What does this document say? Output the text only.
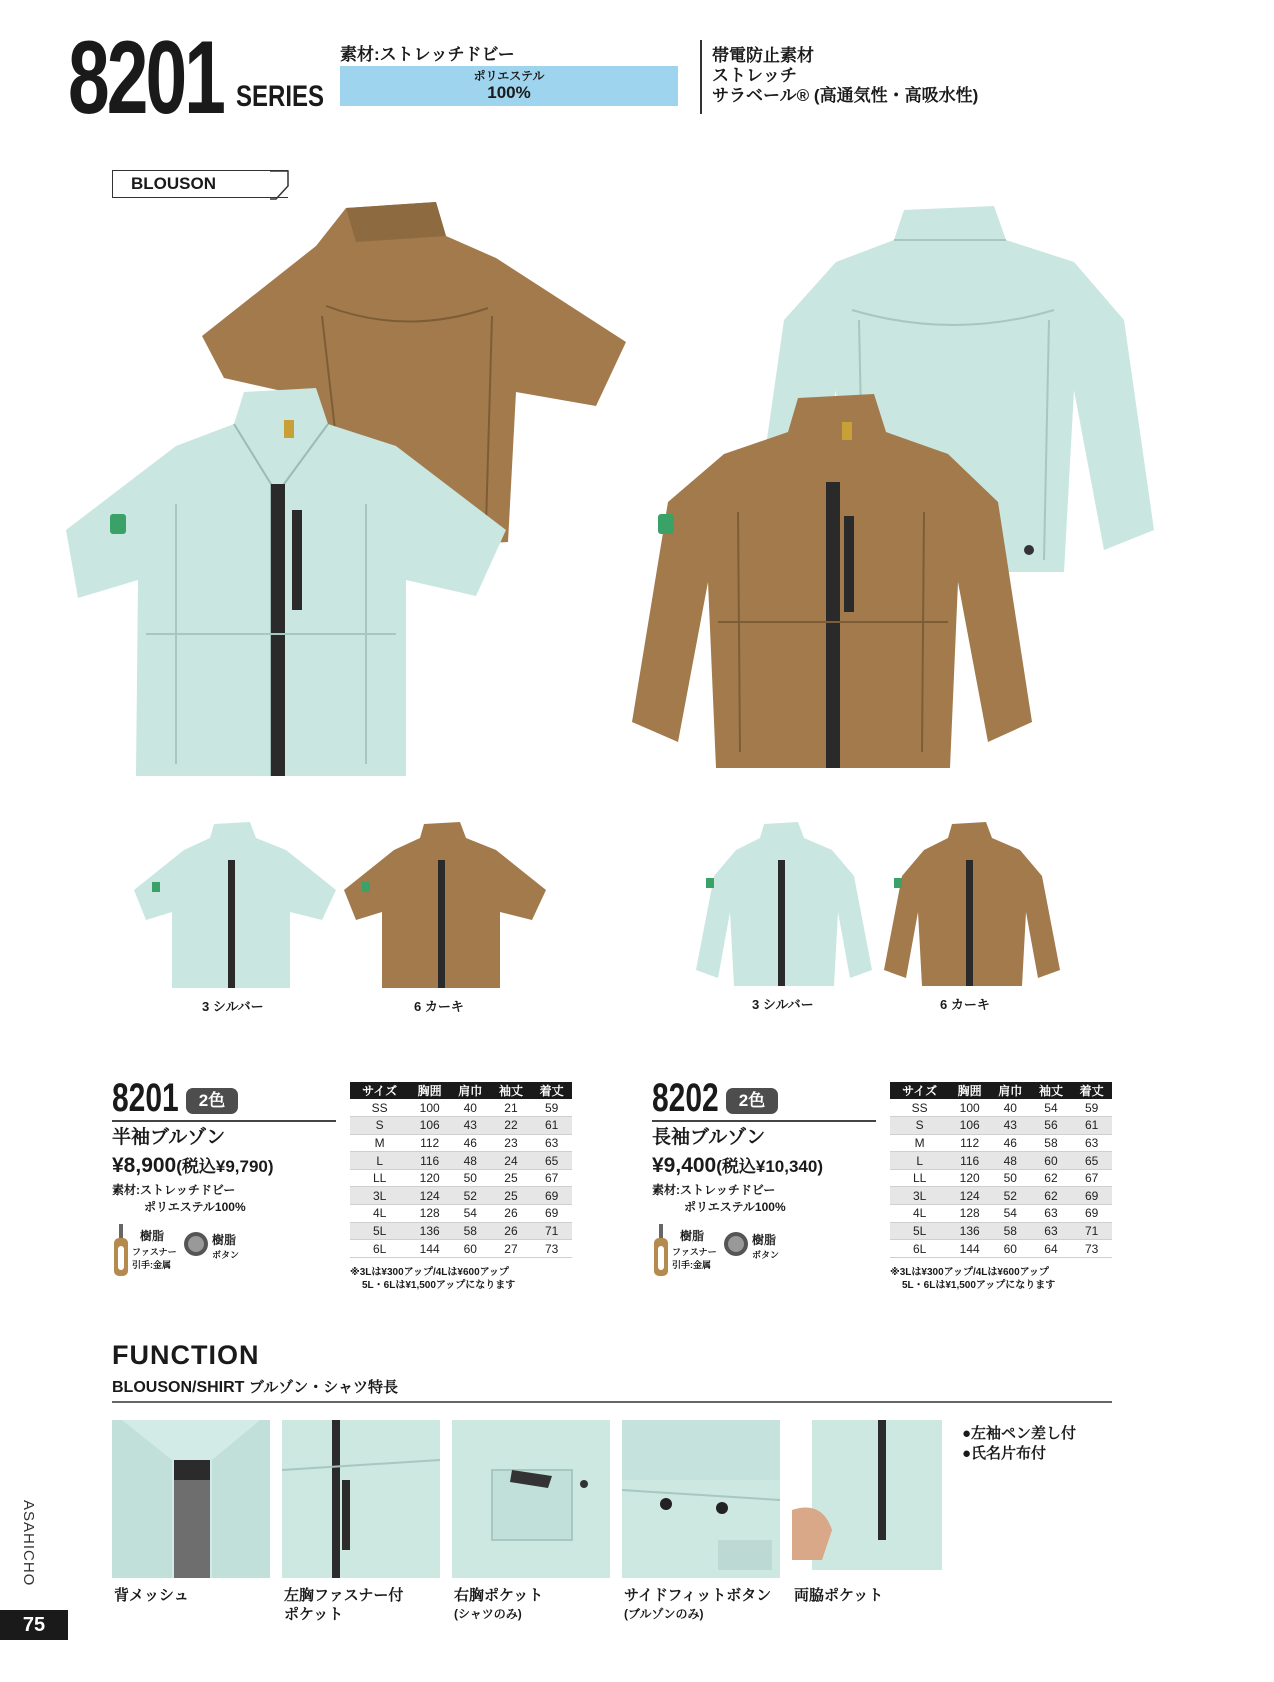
8201 SERIES
素材:ストレッチドビー
ポリエステル
100%
帯電防止素材
ストレッチ
サラベール® (高通気性・高吸水性)
BLOUSON
3 シルバー	6 カーキ	3 シルバー	6 カーキ
8201	2色
半袖ブルゾン
¥8,900(税込¥9,790)
素材:ストレッチドビー
ポリエステル100%
樹脂
ファスナー
引手:金属
樹脂
ボタン
サイズ	胸囲	肩巾	袖丈	着丈
SS	100	40	21	59
S	106	43	22	61
M	112	46	23	63
L	116	48	24	65
LL	120	50	25	67
3L	124	52	25	69
4L	128	54	26	69
5L	136	58	26	71
6L	144	60	27	73
※3Lは¥300アップ/4Lは¥600アップ
5L・6Lは¥1,500アップになります
8202	2色
長袖ブルゾン
¥9,400(税込¥10,340)
素材:ストレッチドビー
ポリエステル100%
樹脂
ファスナー
引手:金属
樹脂
ボタン
サイズ	胸囲	肩巾	袖丈	着丈
SS	100	40	54	59
S	106	43	56	61
M	112	46	58	63
L	116	48	60	65
LL	120	50	62	67
3L	124	52	62	69
4L	128	54	63	69
5L	136	58	63	71
6L	144	60	64	73
※3Lは¥300アップ/4Lは¥600アップ
5L・6Lは¥1,500アップになります
FUNCTION
BLOUSON/SHIRT ブルゾン・シャツ特長
背メッシュ	左胸ファスナー付
ポケット
右胸ポケット
(シャツのみ)
サイドフィットボタン
(ブルゾンのみ)
両脇ポケット
●左袖ペン差し付
●氏名片布付
ASAHICHO
75
